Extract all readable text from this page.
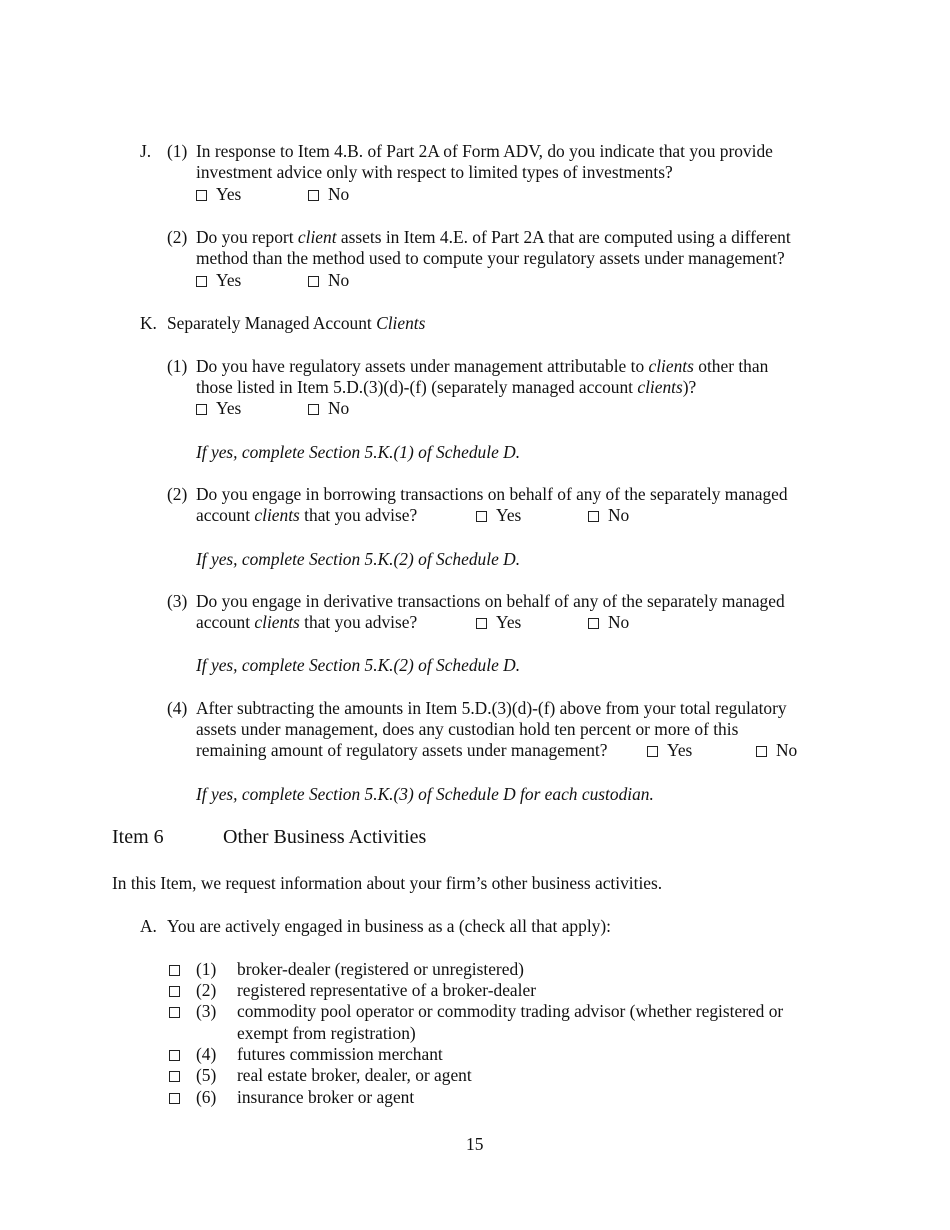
J. (1) In response to Item 4.B. of Part 2A of Form ADV, do you indicate that you provide
investment advice only with respect to limited types of investments?
Yes	No
(2) Do you report client assets in Item 4.E. of Part 2A that are computed using a different
method than the method used to compute your regulatory assets under management?
Yes	No
K. Separately Managed Account Clients
(1) Do you have regulatory assets under management attributable to clients other than
those listed in Item 5.D.(3)(d)-(f) (separately managed account clients)?
Yes	No
If yes, complete Section 5.K.(1) of Schedule D.
(2) Do you engage in borrowing transactions on behalf of any of the separately managed
account clients that you advise?	Yes	No
If yes, complete Section 5.K.(2) of Schedule D.
(3) Do you engage in derivative transactions on behalf of any of the separately managed
account clients that you advise?	Yes	No
If yes, complete Section 5.K.(2) of Schedule D.
(4) After subtracting the amounts in Item 5.D.(3)(d)-(f) above from your total regulatory
assets under management, does any custodian hold ten percent or more of this
remaining amount of regulatory assets under management?	Yes	No
If yes, complete Section 5.K.(3) of Schedule D for each custodian.
Item 6	Other Business Activities
In this Item, we request information about your firm’s other business activities.
A. You are actively engaged in business as a (check all that apply):
(1) broker-dealer (registered or unregistered)
(2) registered representative of a broker-dealer
(3) commodity pool operator or commodity trading advisor (whether registered or
exempt from registration)
(4) futures commission merchant
(5) real estate broker, dealer, or agent
(6) insurance broker or agent
15
